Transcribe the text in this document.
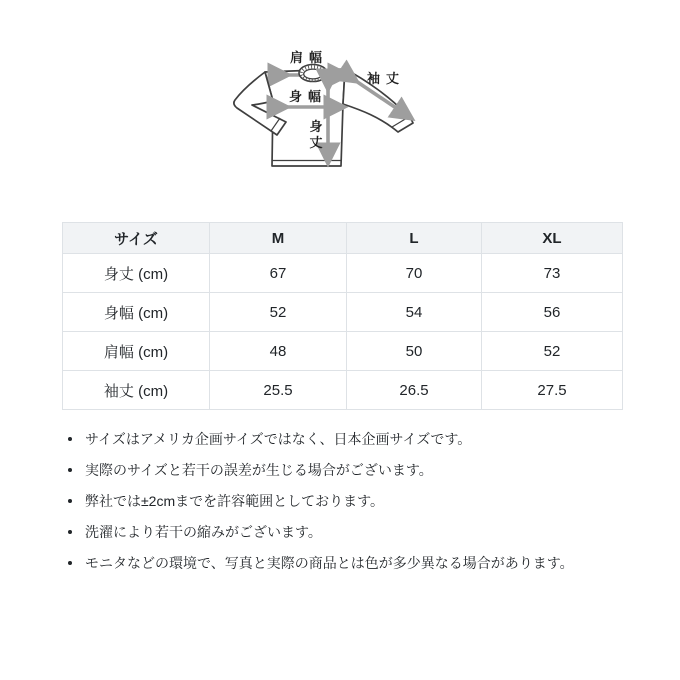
肩幅
袖丈
身幅
身
丈
サイズ	M	L	XL
身丈 (cm)	67	70	73
身幅 (cm)	52	54	56
肩幅 (cm)	48	50	52
袖丈 (cm)	25.5	26.5	27.5
サイズはアメリカ企画サイズではなく、日本企画サイズです。
実際のサイズと若干の誤差が生じる場合がございます。
弊社では±2cmまでを許容範囲としております。
洗濯により若干の縮みがございます。
モニタなどの環境で、写真と実際の商品とは色が多少異なる場合があります。
